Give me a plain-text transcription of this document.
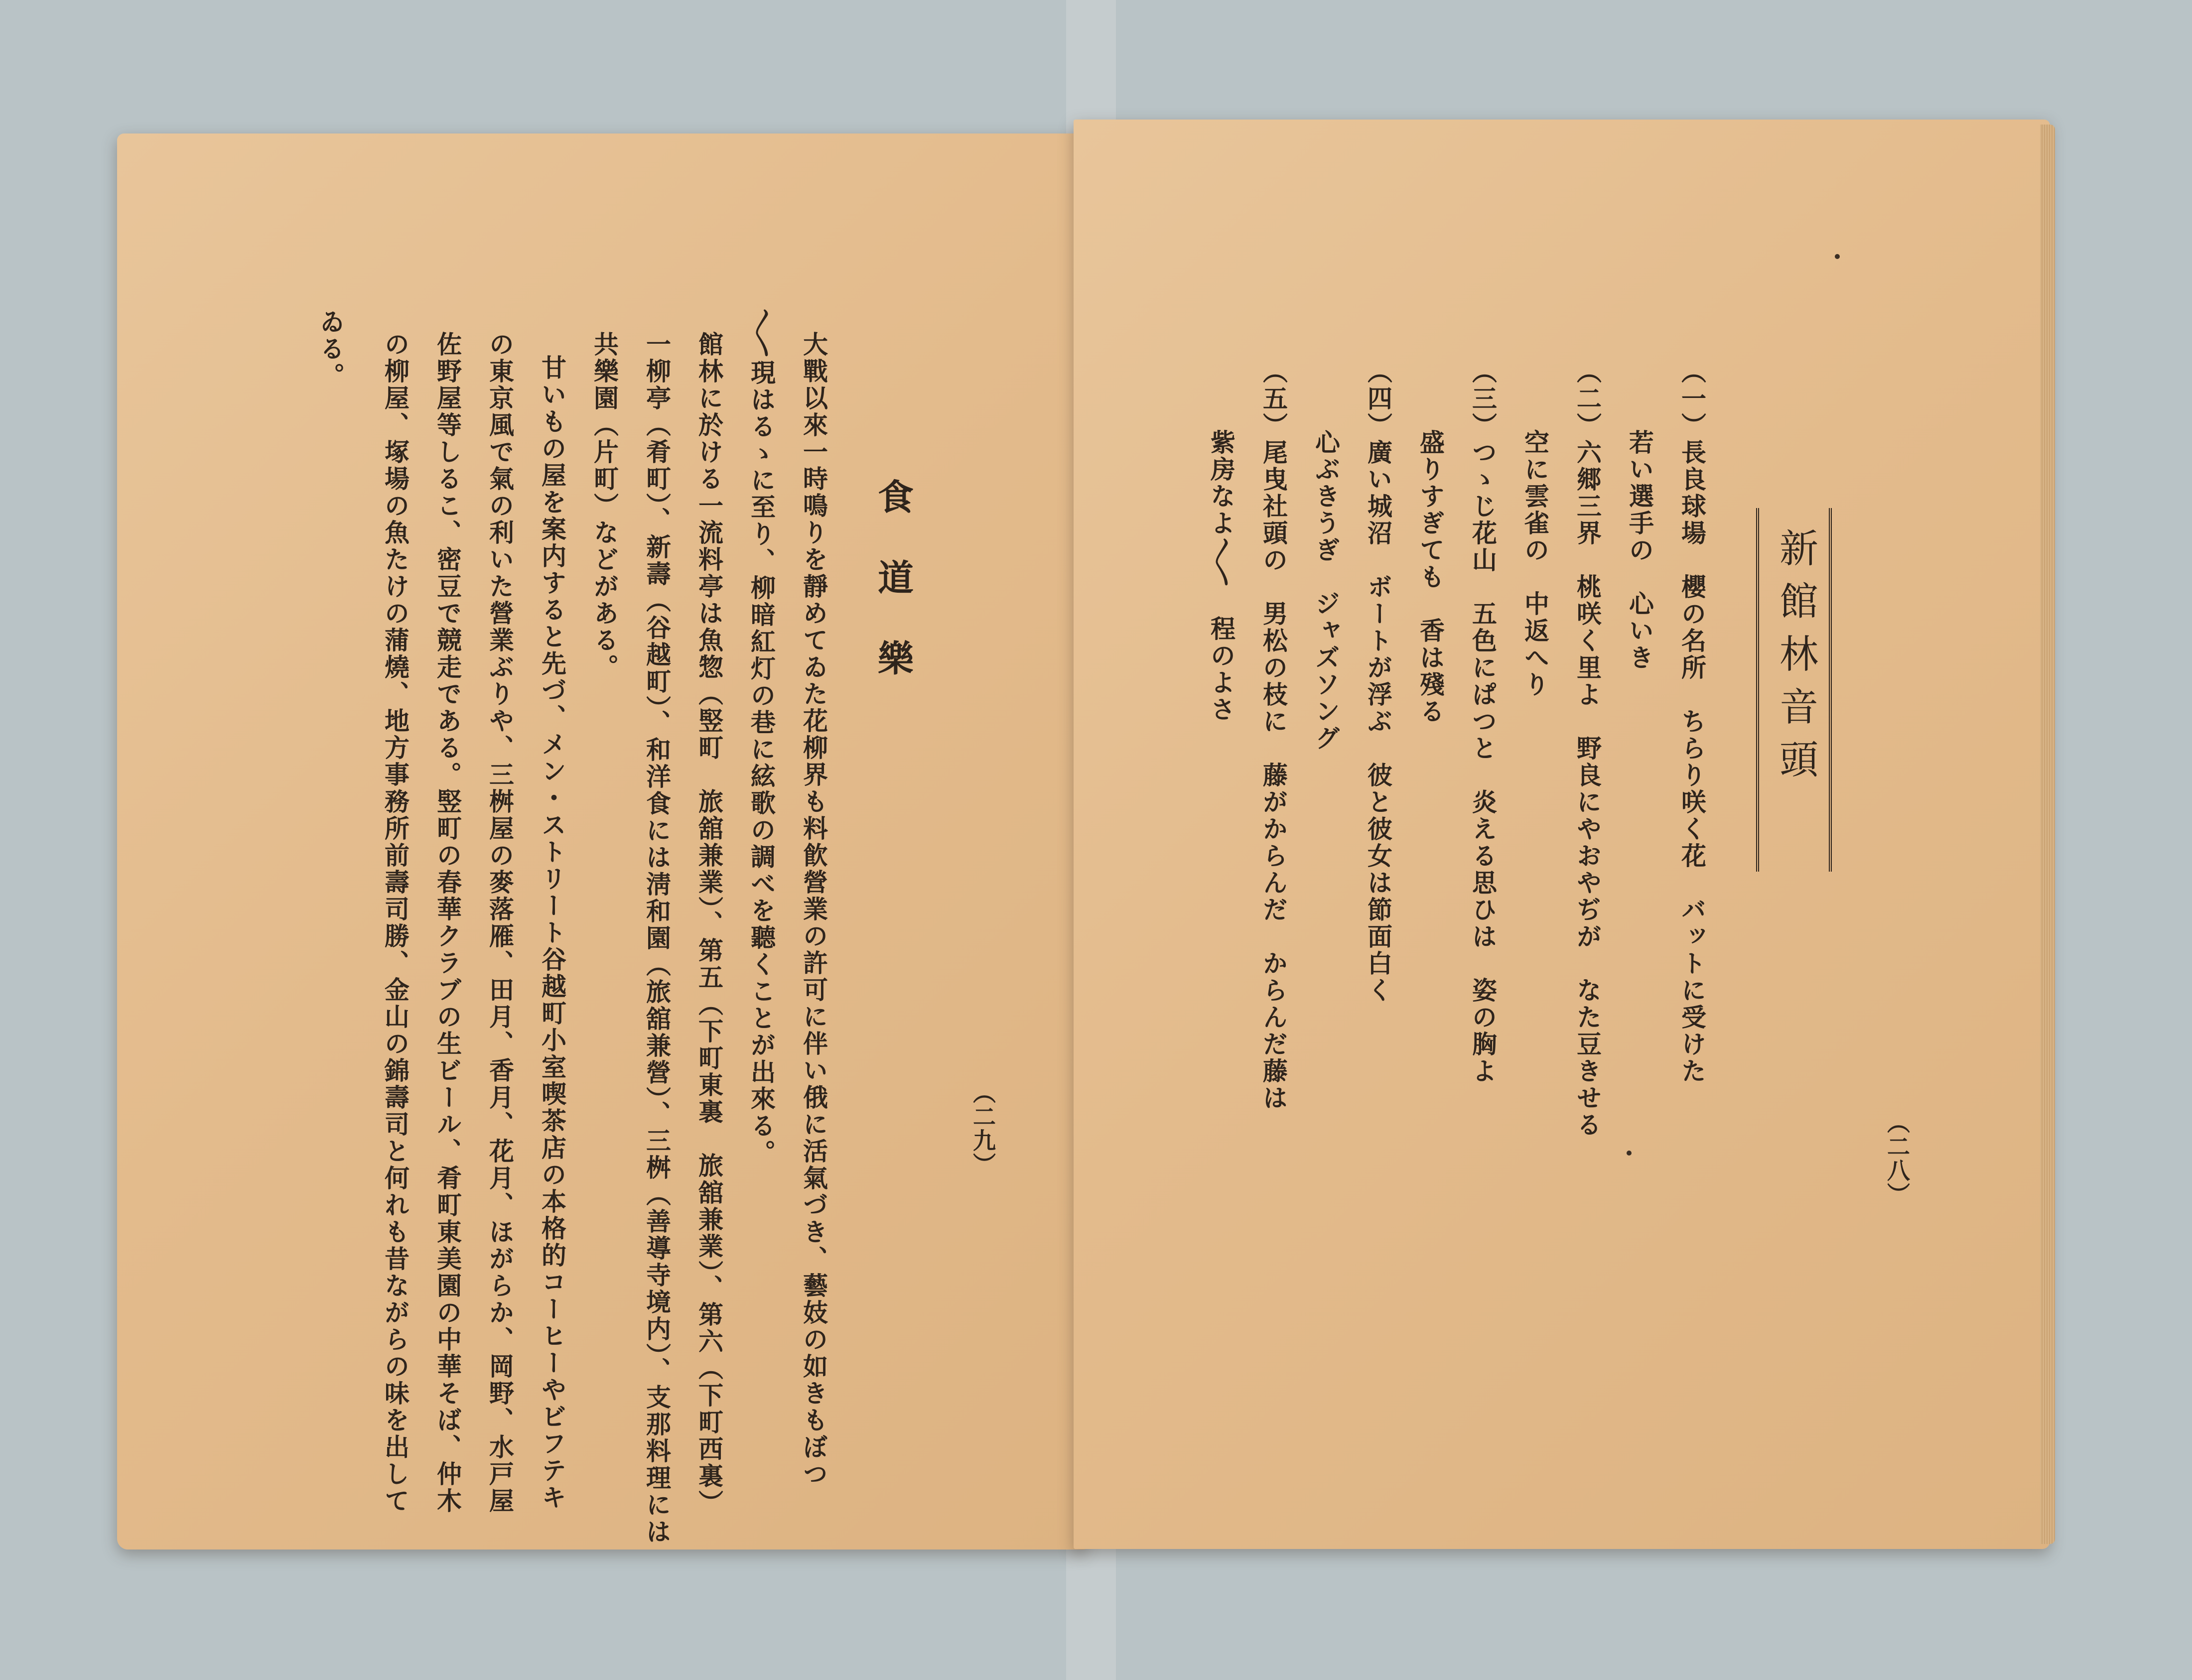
食道樂
大戰以來一時鳴りを靜めてゐた花柳界も料飮營業の許可に伴い俄に活氣づき、藝妓の如きもぼつ
〳〵現はるゝに至り、柳暗紅灯の巷に絃歌の調べを聽くことが出來る。
館林に於ける一流料亭は魚惣（竪町　旅舘兼業）、第五（下町東裏　旅舘兼業）、第六（下町西裏）
一柳亭（肴町）、新壽（谷越町）、和洋食には淸和園（旅舘兼營）、三桝（善導寺境内）、支那料理には
共樂園（片町）などがある。
甘いもの屋を案内すると先づ、メン・ストリート谷越町小室喫茶店の本格的コーヒーやビフテキ
の東京風で氣の利いた營業ぶりや、三桝屋の麥落雁、田月、香月、花月、ほがらか、岡野、水戸屋
佐野屋等しるこ、密豆で競走である。竪町の春華クラブの生ビール、肴町東美園の中華そば、仲木
の柳屋、塚場の魚たけの蒲燒、地方事務所前壽司勝、金山の錦壽司と何れも昔ながらの味を出して
ゐる。
（二九）
新館林音頭
（一）長良球場　櫻の名所　ちらり咲く花　バットに受けた
若い選手の　心いき
（二）六郷三界　桃咲く里よ　野良にやおやぢが　なた豆きせる
空に雲雀の　中返へり
（三）つゝじ花山　五色にぱつと　炎える思ひは　姿の胸よ
盛りすぎても　香は殘る
（四）廣い城沼　ボートが浮ぶ　彼と彼女は節面白く
心ぶきうぎ　ジャズソング
（五）尾曳社頭の　男松の枝に　藤がからんだ　からんだ藤は
紫房なよ〳〵　程のよさ
（二八）
